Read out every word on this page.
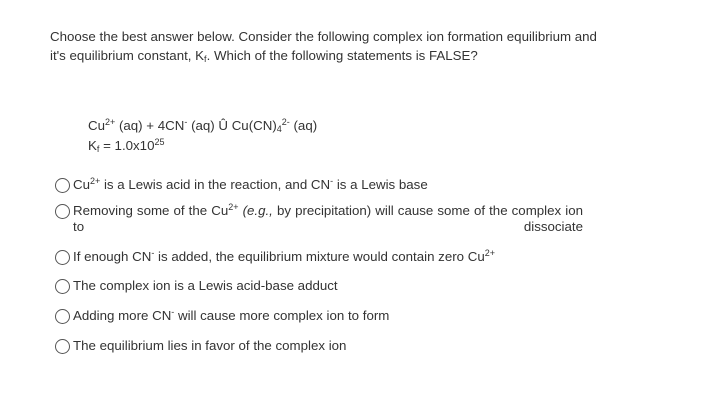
Choose the best answer below. Consider the following complex ion formation equilibrium and it's equilibrium constant, $K_f$. Which of the following statements is FALSE?
$Cu^{2+}$ (aq) + 4CN- (aq) Û $Cu(CN)_4^{2-}$ (aq)
$K_f = 1.0x10^{25}$
$Cu^{2+}$ is a Lewis acid in the reaction, and CN- is a Lewis base
Removing some of the $Cu^{2+}$ (e.g., by precipitation) will cause some of the complex ion to dissociate
If enough CN- is added, the equilibrium mixture would contain zero $Cu^{2+}$
The complex ion is a Lewis acid-base adduct
Adding more CN- will cause more complex ion to form
The equilibrium lies in favor of the complex ion
